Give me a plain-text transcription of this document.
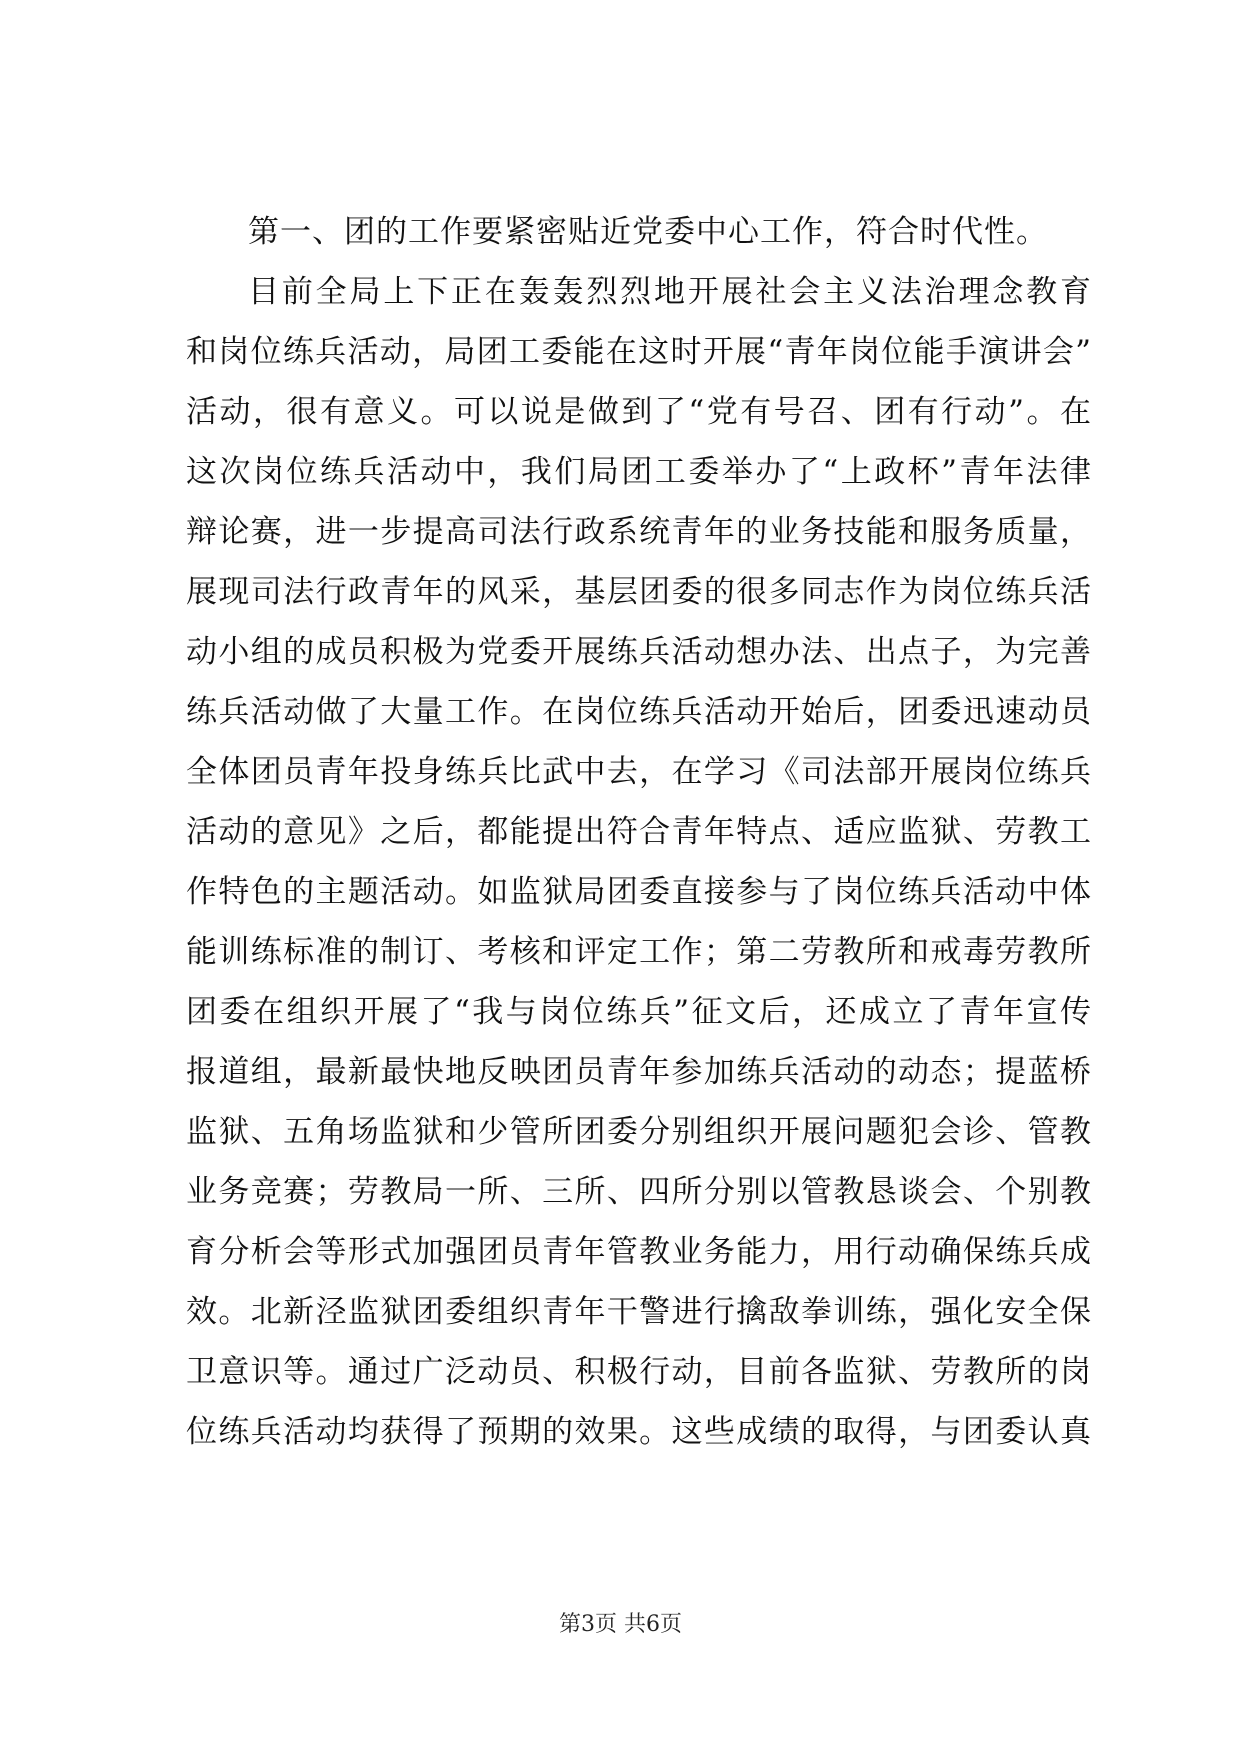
第一、团的工作要紧密贴近党委中心工作，符合时代性。
目前全局上下正在轰轰烈烈地开展社会主义法治理念教育
和岗位练兵活动，局团工委能在这时开展“青年岗位能手演讲会”
活动，很有意义。可以说是做到了“党有号召、团有行动”。在
这次岗位练兵活动中，我们局团工委举办了“上政杯”青年法律
辩论赛，进一步提高司法行政系统青年的业务技能和服务质量，
展现司法行政青年的风采，基层团委的很多同志作为岗位练兵活
动小组的成员积极为党委开展练兵活动想办法、出点子，为完善
练兵活动做了大量工作。在岗位练兵活动开始后，团委迅速动员
全体团员青年投身练兵比武中去，在学习《司法部开展岗位练兵
活动的意见》之后，都能提出符合青年特点、适应监狱、劳教工
作特色的主题活动。如监狱局团委直接参与了岗位练兵活动中体
能训练标准的制订、考核和评定工作；第二劳教所和戒毒劳教所
团委在组织开展了“我与岗位练兵”征文后，还成立了青年宣传
报道组，最新最快地反映团员青年参加练兵活动的动态；提蓝桥
监狱、五角场监狱和少管所团委分别组织开展问题犯会诊、管教
业务竞赛；劳教局一所、三所、四所分别以管教恳谈会、个别教
育分析会等形式加强团员青年管教业务能力，用行动确保练兵成
效。北新泾监狱团委组织青年干警进行擒敌拳训练，强化安全保
卫意识等。通过广泛动员、积极行动，目前各监狱、劳教所的岗
位练兵活动均获得了预期的效果。这些成绩的取得，与团委认真
第3页 共6页
